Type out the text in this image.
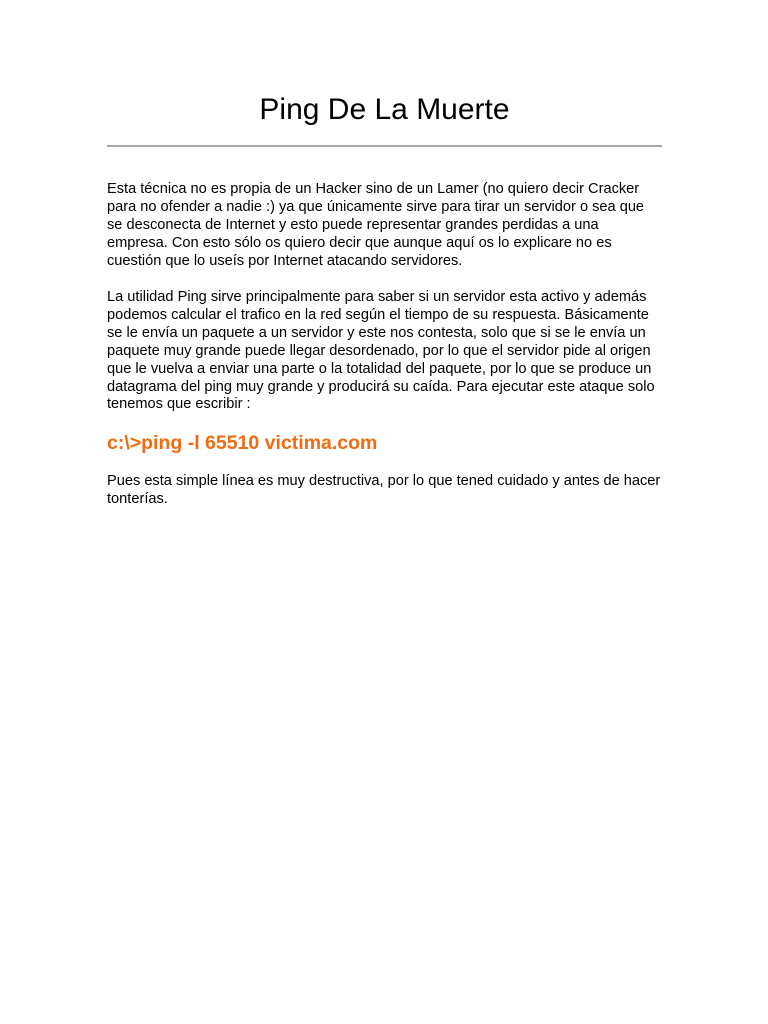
Ping De La Muerte

Esta técnica no es propia de un Hacker sino de un Lamer (no quiero decir Cracker para no ofender a nadie :) ya que únicamente sirve para tirar un servidor o sea que se desconecta de Internet y esto puede representar grandes perdidas a una empresa. Con esto sólo os quiero decir que aunque aquí os lo explicare no es cuestión que lo useís por Internet atacando servidores.

La utilidad Ping sirve principalmente para saber si un servidor esta activo y además podemos calcular el trafico en la red según el tiempo de su respuesta. Básicamente se le envía un paquete a un servidor y este nos contesta, solo que si se le envía un paquete muy grande puede llegar desordenado, por lo que el servidor pide al origen que le vuelva a enviar una parte o la totalidad del paquete, por lo que se produce un datagrama del ping muy grande y producirá su caída. Para ejecutar este ataque solo tenemos que escribir :

c:\>ping -l 65510 victima.com

Pues esta simple línea es muy destructiva, por lo que tened cuidado y antes de hacer tonterías.
